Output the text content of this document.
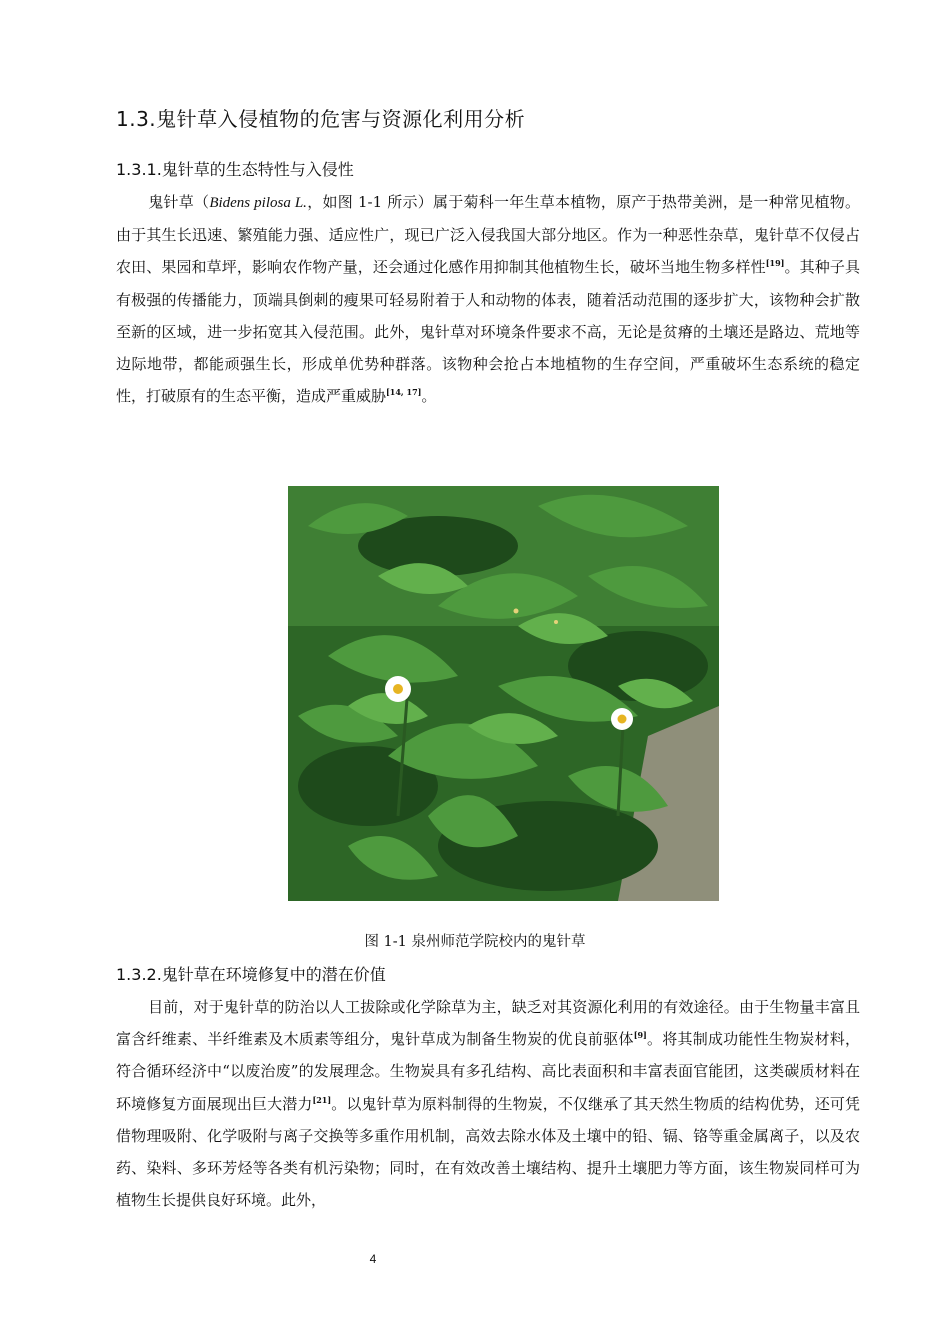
1.3.鬼针草入侵植物的危害与资源化利用分析
1.3.1.鬼针草的生态特性与入侵性
鬼针草（Bidens pilosa L.，如图 1-1 所示）属于菊科一年生草本植物，原产于热带美洲，是一种常见植物。由于其生长迅速、繁殖能力强、适应性广，现已广泛入侵我国大部分地区。作为一种恶性杂草，鬼针草不仅侵占农田、果园和草坪，影响农作物产量，还会通过化感作用抑制其他植物生长，破坏当地生物多样性[19]。其种子具有极强的传播能力，顶端具倒刺的瘦果可轻易附着于人和动物的体表，随着活动范围的逐步扩大，该物种会扩散至新的区域，进一步拓宽其入侵范围。此外，鬼针草对环境条件要求不高，无论是贫瘠的土壤还是路边、荒地等边际地带，都能顽强生长，形成单优势种群落。该物种会抢占本地植物的生存空间，严重破坏生态系统的稳定性，打破原有的生态平衡，造成严重威胁[14, 17]。
图 1-1 泉州师范学院校内的鬼针草
1.3.2.鬼针草在环境修复中的潜在价值
目前，对于鬼针草的防治以人工拔除或化学除草为主，缺乏对其资源化利用的有效途径。由于生物量丰富且富含纤维素、半纤维素及木质素等组分，鬼针草成为制备生物炭的优良前驱体[9]。将其制成功能性生物炭材料，符合循环经济中“以废治废”的发展理念。生物炭具有多孔结构、高比表面积和丰富表面官能团，这类碳质材料在环境修复方面展现出巨大潜力[21]。以鬼针草为原料制得的生物炭，不仅继承了其天然生物质的结构优势，还可凭借物理吸附、化学吸附与离子交换等多重作用机制，高效去除水体及土壤中的铅、镉、铬等重金属离子，以及农药、染料、多环芳烃等各类有机污染物；同时，在有效改善土壤结构、提升土壤肥力等方面，该生物炭同样可为植物生长提供良好环境。此外，
4
